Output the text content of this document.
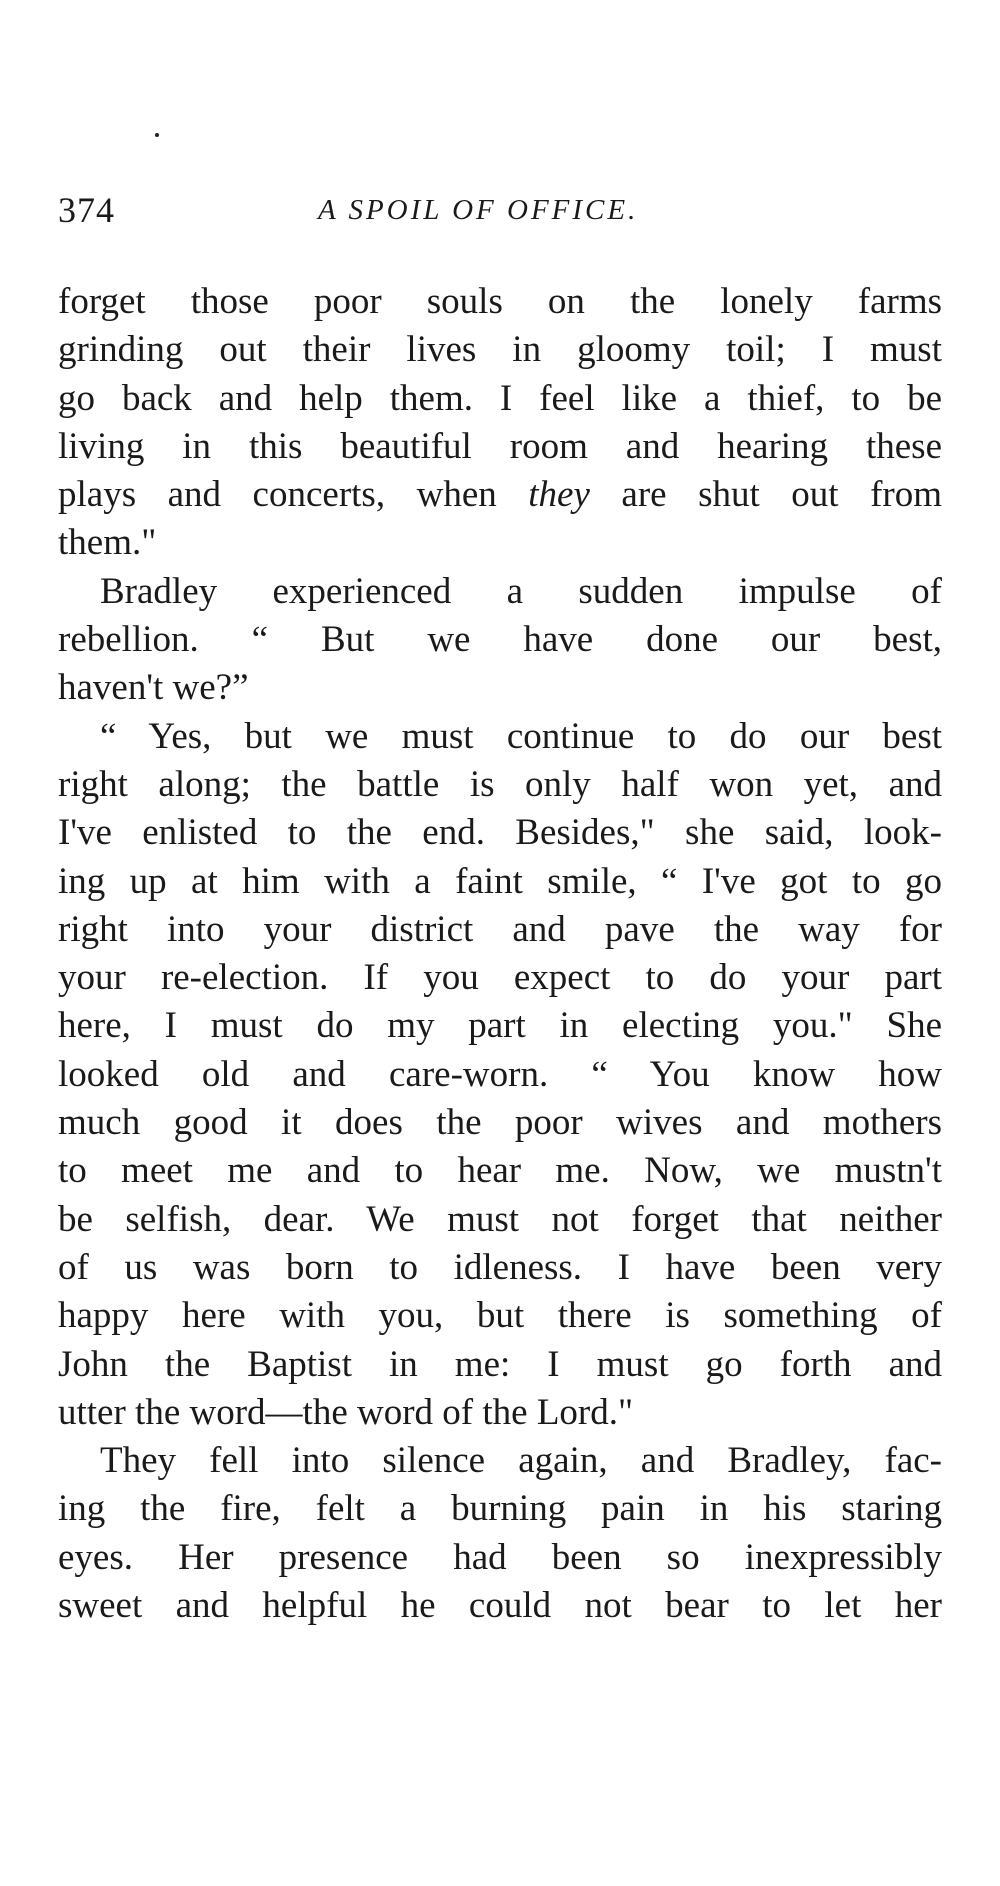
374	A SPOIL OF OFFICE.
forget those poor souls on the lonely farms
grinding out their lives in gloomy toil; I must
go back and help them. I feel like a thief, to be
living in this beautiful room and hearing these
plays and concerts, when they are shut out from
them."
Bradley experienced a sudden impulse of
rebellion. “ But we have done our best,
haven't we?”
“ Yes, but we must continue to do our best
right along; the battle is only half won yet, and
I've enlisted to the end. Besides," she said, look-
ing up at him with a faint smile, “ I've got to go
right into your district and pave the way for
your re-election. If you expect to do your part
here, I must do my part in electing you." She
looked old and care-worn. “ You know how
much good it does the poor wives and mothers
to meet me and to hear me. Now, we mustn't
be selfish, dear. We must not forget that neither
of us was born to idleness. I have been very
happy here with you, but there is something of
John the Baptist in me: I must go forth and
utter the word—the word of the Lord."
They fell into silence again, and Bradley, fac-
ing the fire, felt a burning pain in his staring
eyes. Her presence had been so inexpressibly
sweet and helpful he could not bear to let her
